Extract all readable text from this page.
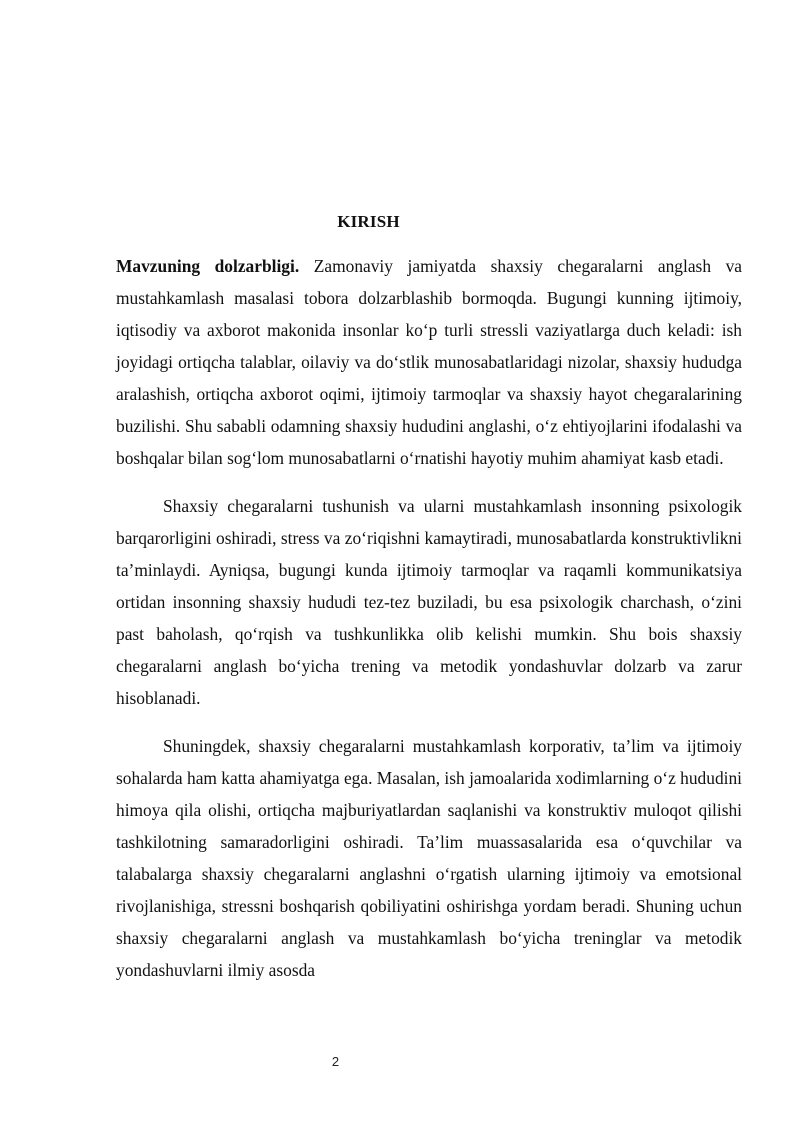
KIRISH

Mavzuning dolzarbligi. Zamonaviy jamiyatda shaxsiy chegaralarni anglash va mustahkamlash masalasi tobora dolzarblashib bormoqda. Bugungi kunning ijtimoiy, iqtisodiy va axborot makonida insonlar koʻp turli stressli vaziyatlarga duch keladi: ish joyidagi ortiqcha talablar, oilaviy va doʻstlik munosabatlaridagi nizolar, shaxsiy hududga aralashish, ortiqcha axborot oqimi, ijtimoiy tarmoqlar va shaxsiy hayot chegaralarining buzilishi. Shu sababli odamning shaxsiy hududini anglashi, oʻz ehtiyojlarini ifodalashi va boshqalar bilan sogʻlom munosabatlarni oʻrnatishi hayotiy muhim ahamiyat kasb etadi.

Shaxsiy chegaralarni tushunish va ularni mustahkamlash insonning psixologik barqarorligini oshiradi, stress va zoʻriqishni kamaytiradi, munosabatlarda konstruktivlikni ta’minlaydi. Ayniqsa, bugungi kunda ijtimoiy tarmoqlar va raqamli kommunikatsiya ortidan insonning shaxsiy hududi tez-tez buziladi, bu esa psixologik charchash, oʻzini past baholash, qoʻrqish va tushkunlikka olib kelishi mumkin. Shu bois shaxsiy chegaralarni anglash boʻyicha trening va metodik yondashuvlar dolzarb va zarur hisoblanadi.

Shuningdek, shaxsiy chegaralarni mustahkamlash korporativ, ta’lim va ijtimoiy sohalarda ham katta ahamiyatga ega. Masalan, ish jamoalarida xodimlarning oʻz hududini himoya qila olishi, ortiqcha majburiyatlardan saqlanishi va konstruktiv muloqot qilishi tashkilotning samaradorligini oshiradi. Ta’lim muassasalarida esa oʻquvchilar va talabalarga shaxsiy chegaralarni anglashni oʻrgatish ularning ijtimoiy va emotsional rivojlanishiga, stressni boshqarish qobiliyatini oshirishga yordam beradi. Shuning uchun shaxsiy chegaralarni anglash va mustahkamlash boʻyicha treninglar va metodik yondashuvlarni ilmiy asosda

2
